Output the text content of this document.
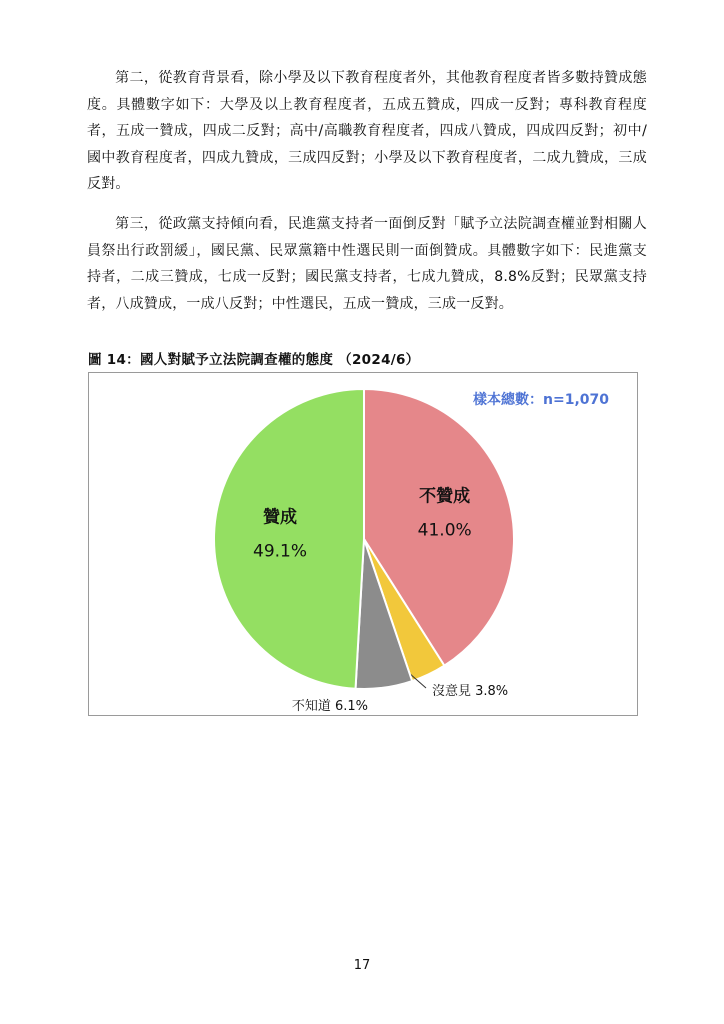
第二，從教育背景看，除小學及以下教育程度者外，其他教育程度者皆多數持贊成態度。具體數字如下：大學及以上教育程度者，五成五贊成，四成一反對；專科教育程度者，五成一贊成，四成二反對；高中/高職教育程度者，四成八贊成，四成四反對；初中/國中教育程度者，四成九贊成，三成四反對；小學及以下教育程度者，二成九贊成，三成反對。

第三，從政黨支持傾向看，民進黨支持者一面倒反對「賦予立法院調查權並對相關人員祭出行政罰緩」，國民黨、民眾黨籍中性選民則一面倒贊成。具體數字如下：民進黨支持者，二成三贊成，七成一反對；國民黨支持者，七成九贊成，8.8%反對；民眾黨支持者，八成贊成，一成八反對；中性選民，五成一贊成，三成一反對。

圖 14：國人對賦予立法院調查權的態度 （2024/6）
樣本總數：n=1,070
不贊成
41.0%
沒意見 3.8%
不知道 6.1%
贊成
49.1%
17
